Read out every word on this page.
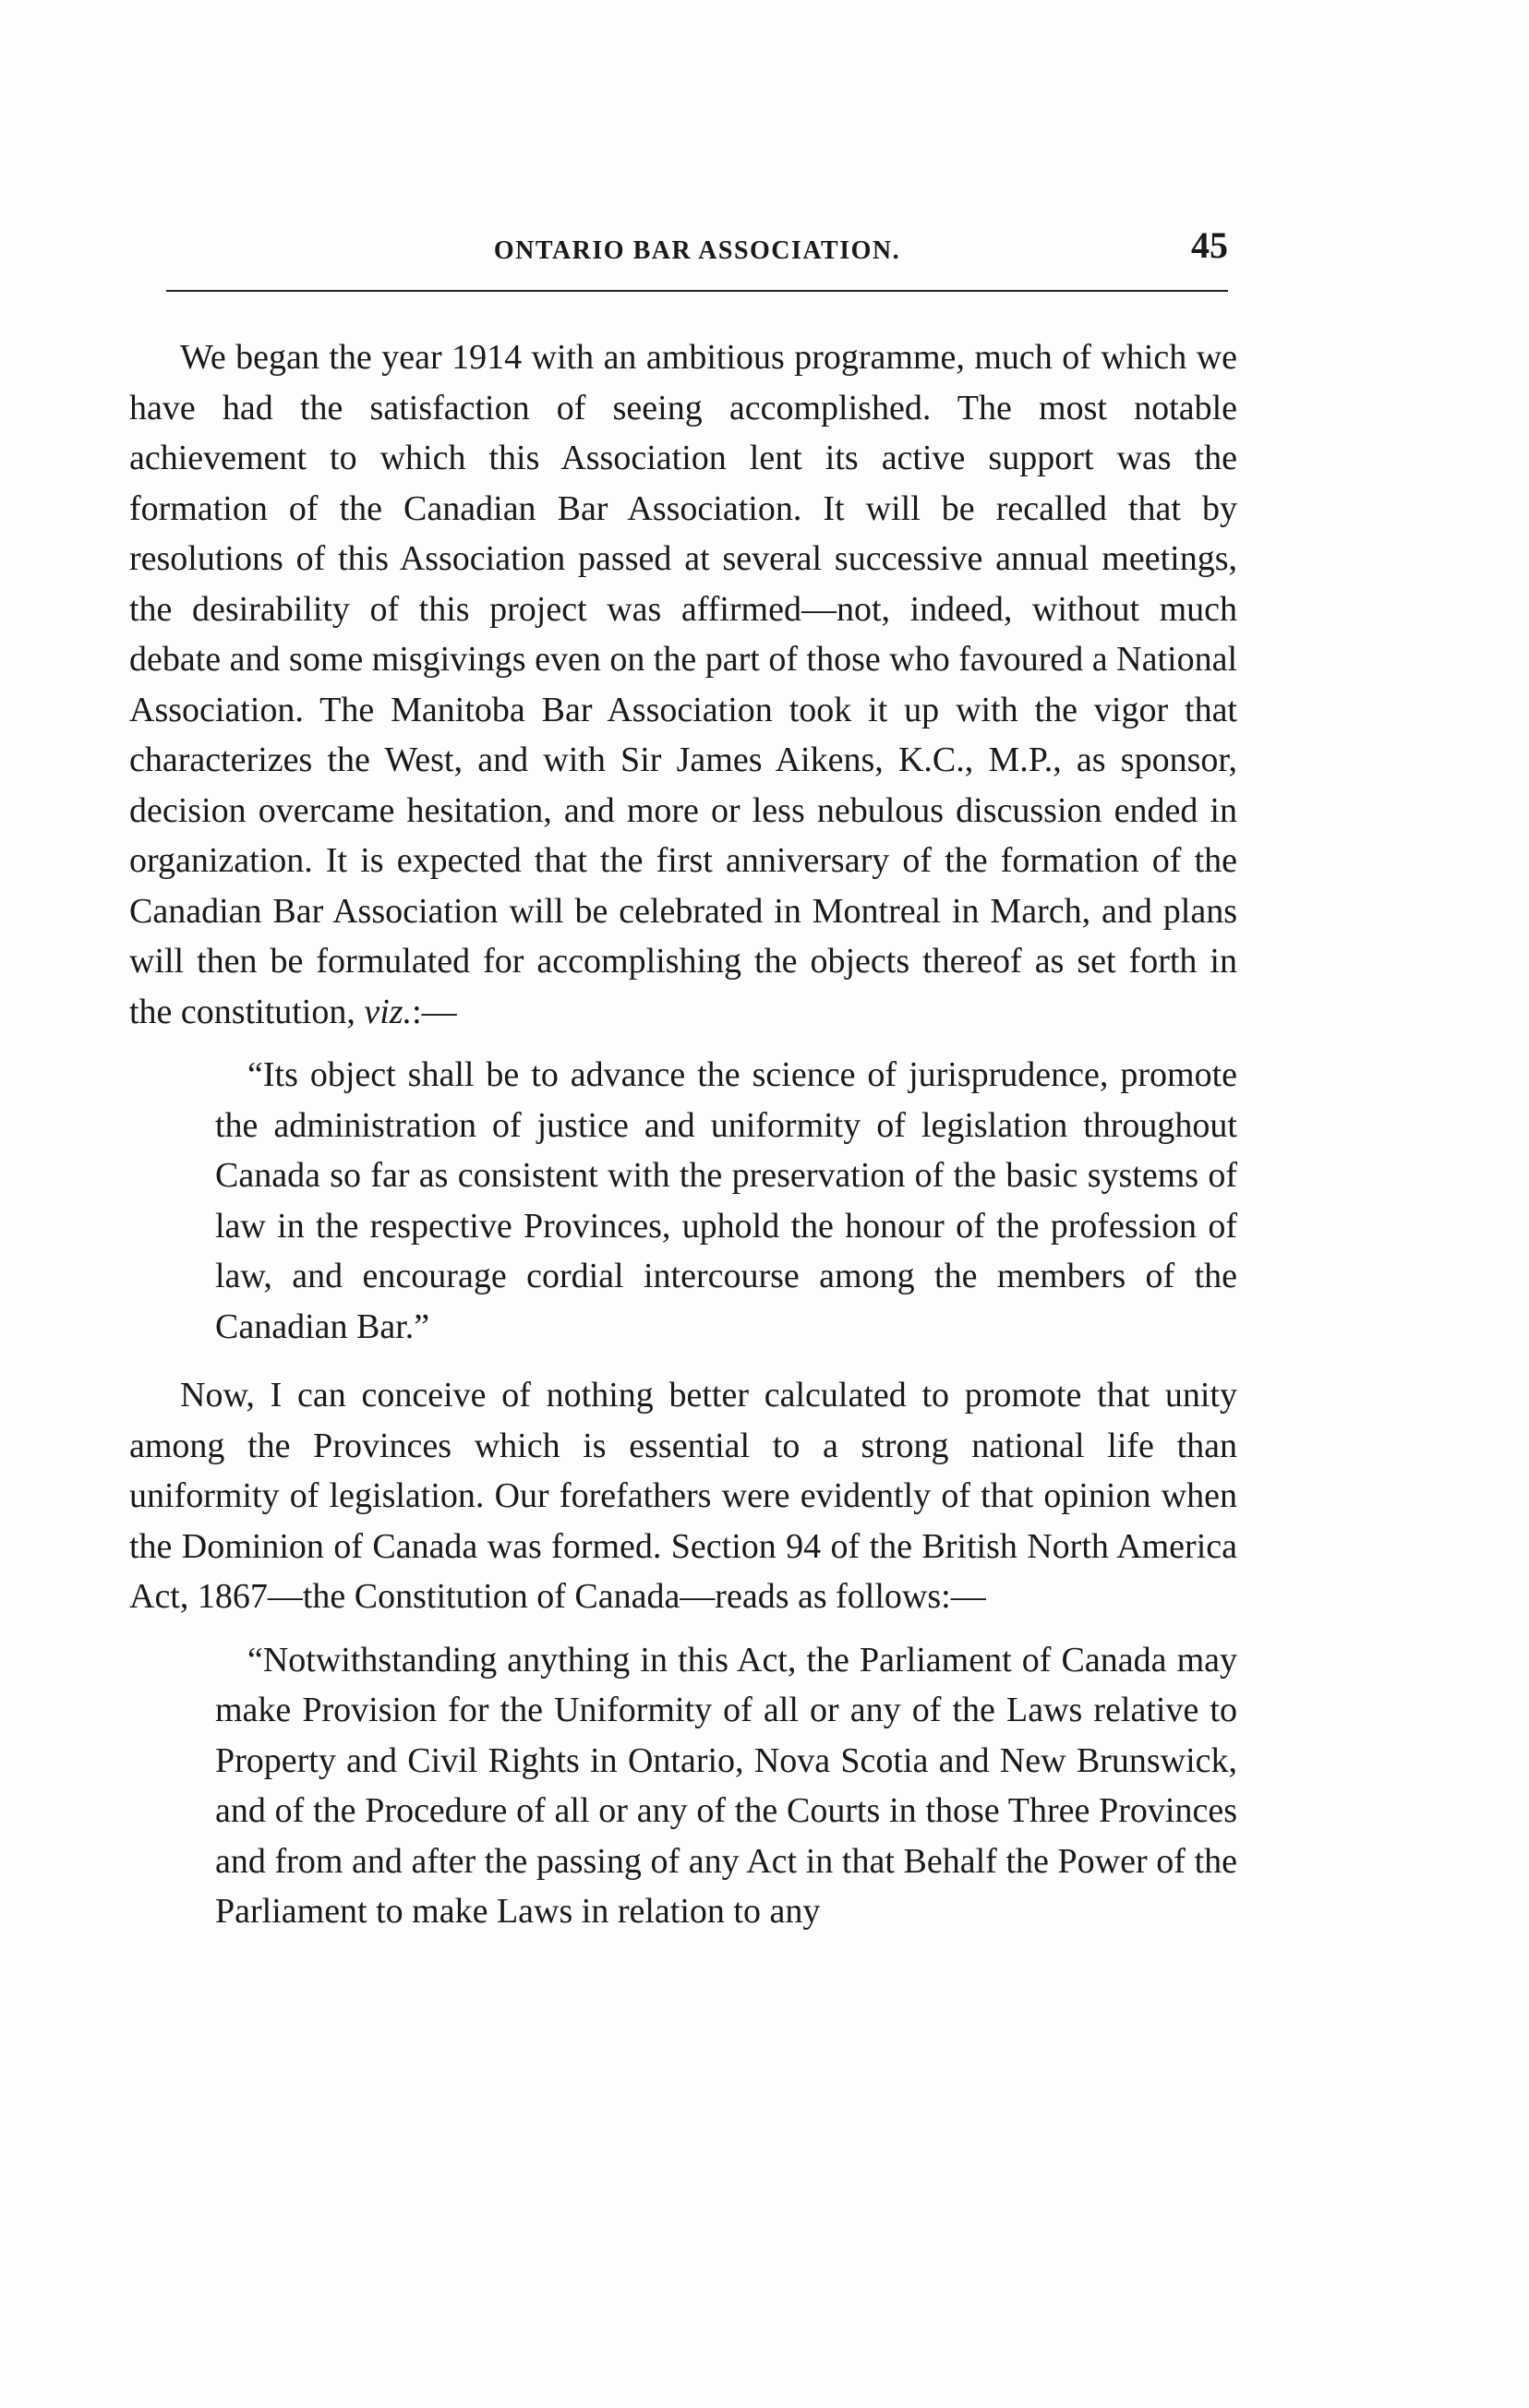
ONTARIO BAR ASSOCIATION.	45

We began the year 1914 with an ambitious programme, much of which we have had the satisfaction of seeing accomplished. The most notable achievement to which this Association lent its active support was the formation of the Canadian Bar Association. It will be recalled that by resolutions of this Association passed at several successive annual meetings, the desirability of this project was affirmed—not, indeed, without much debate and some misgivings even on the part of those who favoured a National Association. The Manitoba Bar Association took it up with the vigor that characterizes the West, and with Sir James Aikens, K.C., M.P., as sponsor, decision overcame hesitation, and more or less nebulous discussion ended in organization. It is expected that the first anniversary of the formation of the Canadian Bar Association will be celebrated in Montreal in March, and plans will then be formulated for accomplishing the objects thereof as set forth in the constitution, viz.:—

“Its object shall be to advance the science of jurisprudence, promote the administration of justice and uniformity of legislation throughout Canada so far as consistent with the preservation of the basic systems of law in the respective Provinces, uphold the honour of the profession of law, and encourage cordial intercourse among the members of the Canadian Bar.”

Now, I can conceive of nothing better calculated to promote that unity among the Provinces which is essential to a strong national life than uniformity of legislation. Our forefathers were evidently of that opinion when the Dominion of Canada was formed. Section 94 of the British North America Act, 1867—the Constitution of Canada—reads as follows:—

“Notwithstanding anything in this Act, the Parliament of Canada may make Provision for the Uniformity of all or any of the Laws relative to Property and Civil Rights in Ontario, Nova Scotia and New Brunswick, and of the Procedure of all or any of the Courts in those Three Provinces and from and after the passing of any Act in that Behalf the Power of the Parliament to make Laws in relation to any
